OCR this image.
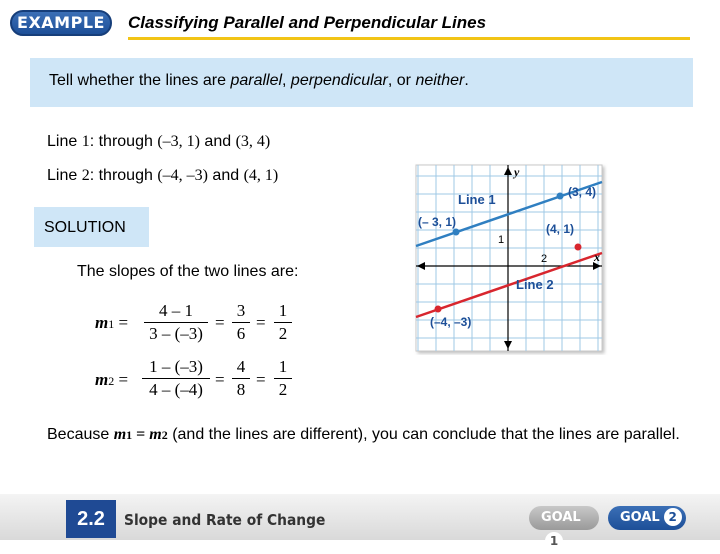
EXAMPLE	Classifying Parallel and Perpendicular Lines
Tell whether the lines are parallel, perpendicular, or neither.
Line 1: through (–3, 1) and (3, 4)
Line 2: through (–4, –3) and (4, 1)
SOLUTION
The slopes of the two lines are:
m1 =
4 – 1
3 – (–3)
=
3
6
=
1
2
m2 =
1 – (–3)
4 – (–4)
=
4
8
=
1
2
Because m1 = m2 (and the lines are different), you can conclude that the lines are parallel.
Line 1
Line 2
(– 3, 1)
(3, 4)
(4, 1)
(–4, –3)
y
x
1
2
2.2	Slope and Rate of Change	GOAL1
GOAL 2
